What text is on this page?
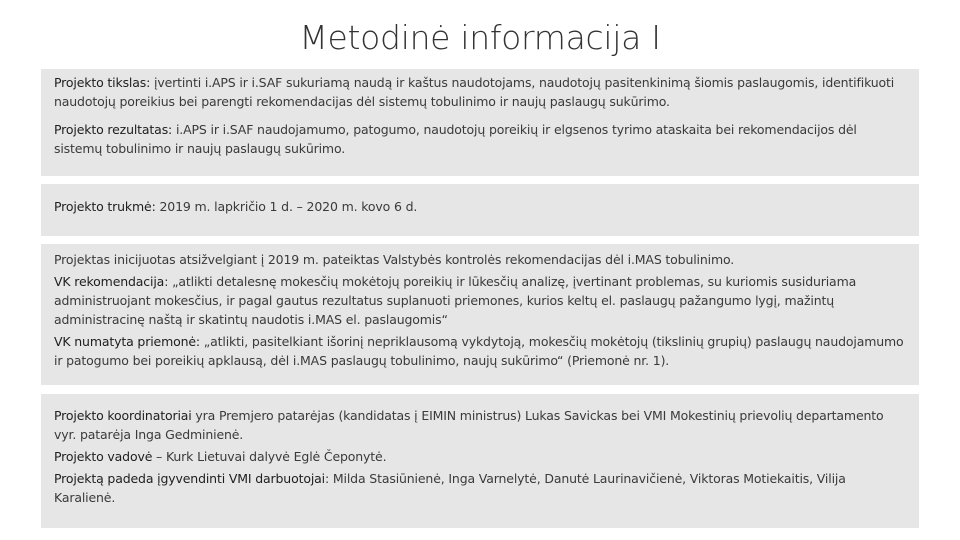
Metodinė informacija I

Projekto tikslas: įvertinti i.APS ir i.SAF sukuriamą naudą ir kaštus naudotojams, naudotojų pasitenkinimą šiomis paslaugomis, identifikuoti naudotojų poreikius bei parengti rekomendacijas dėl sistemų tobulinimo ir naujų paslaugų sukūrimo.

Projekto rezultatas: i.APS ir i.SAF naudojamumo, patogumo, naudotojų poreikių ir elgsenos tyrimo ataskaita bei rekomendacijos dėl sistemų tobulinimo ir naujų paslaugų sukūrimo.

Projekto trukmė: 2019 m. lapkričio 1 d. – 2020 m. kovo 6 d.

Projektas inicijuotas atsižvelgiant į 2019 m. pateiktas Valstybės kontrolės rekomendacijas dėl i.MAS tobulinimo.

VK rekomendacija: „atlikti detalesnę mokesčių mokėtojų poreikių ir lūkesčių analizę, įvertinant problemas, su kuriomis susiduriama administruojant mokesčius, ir pagal gautus rezultatus suplanuoti priemones, kurios keltų el. paslaugų pažangumo lygį, mažintų administracinę naštą ir skatintų naudotis i.MAS el. paslaugomis“

VK numatyta priemonė: „atlikti, pasitelkiant išorinį nepriklausomą vykdytoją, mokesčių mokėtojų (tikslinių grupių) paslaugų naudojamumo ir patogumo bei poreikių apklausą, dėl i.MAS paslaugų tobulinimo, naujų sukūrimo“ (Priemonė nr. 1).

Projekto koordinatoriai yra Premjero patarėjas (kandidatas į EIMIN ministrus) Lukas Savickas bei VMI Mokestinių prievolių departamento vyr. patarėja Inga Gedminienė.

Projekto vadovė – Kurk Lietuvai dalyvė Eglė Čeponytė.

Projektą padeda įgyvendinti VMI darbuotojai: Milda Stasiūnienė, Inga Varnelytė, Danutė Laurinavičienė, Viktoras Motiekaitis, Vilija Karalienė.
